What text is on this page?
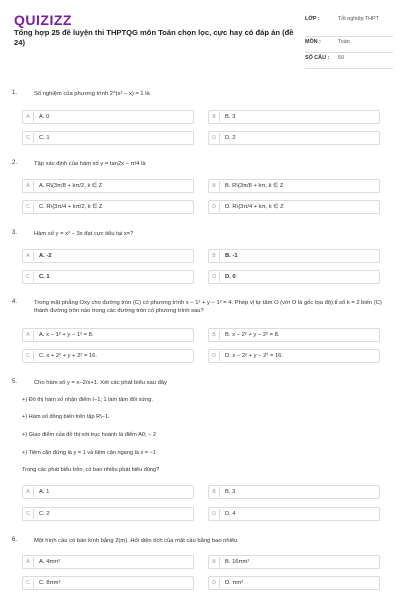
QUIZIZZ
Tổng hợp 25 đề luyện thi THPTQG môn Toán chọn lọc, cực hay có đáp án (đề 24)
LỚP :	Tốt nghiệp THPT
MÔN :	Toán
SỐ CÂU :	50
1.	Số nghiệm của phương trình 2^(x² − x) = 1 là
A	A. 0	B	B. 3
C	C. 1	D	D. 2
2.	Tập xác định của hàm số y = tan2x − π/4 là
A	A. R\{3π/8 + kπ/2, k ∈ Z	B	B. R\{3π/8 + kπ, k ∈ Z
C	C. R\{3π/4 + kπ/2, k ∈ Z	D	D. R\{3π/4 + kπ, k ∈ Z
3.	Hàm số y = x³ − 3x đạt cực tiểu tại x=?
A	A. -2	B	B. -1
C	C. 1	D	D. 0
4.	Trong mặt phẳng Oxy cho đường tròn (C) có phương trình x − 1² + y − 1² = 4. Phép vị tự tâm O (với O là gốc tọa độ) tỉ số k = 2 biến (C) thành đường tròn nào trong các đường tròn có phương trình sau?
A	A. x − 1² + y − 1² = 8.	B	B. x − 2² + y − 2² = 8.
C	C. x + 2² + y + 2² = 16.	D	D. x − 2² + y − 2² = 16.
5.	Cho hàm số y = x−2/x+1. Xét các phát biểu sau đây
+) Đồ thị hàm số nhận điểm I−1; 1 làm tâm đối xứng.
+) Hàm số đồng biến trên tập R\−1.
+) Giao điểm của đồ thị với trục hoành là điểm A0; − 2
+) Tiệm cận đứng là y = 1 và tiệm cận ngang là x = −1
Trong các phát biểu trên, có bao nhiêu phát biểu đúng?
A	A. 1	B	B. 3
C	C. 2	D	D. 4
6.	Một hình cầu có bán kính bằng 2(m). Hỏi diện tích của mặt cầu bằng bao nhiêu
A	A. 4πm²	B	B. 16πm²
C	C. 8πm²	D	D. πm²
